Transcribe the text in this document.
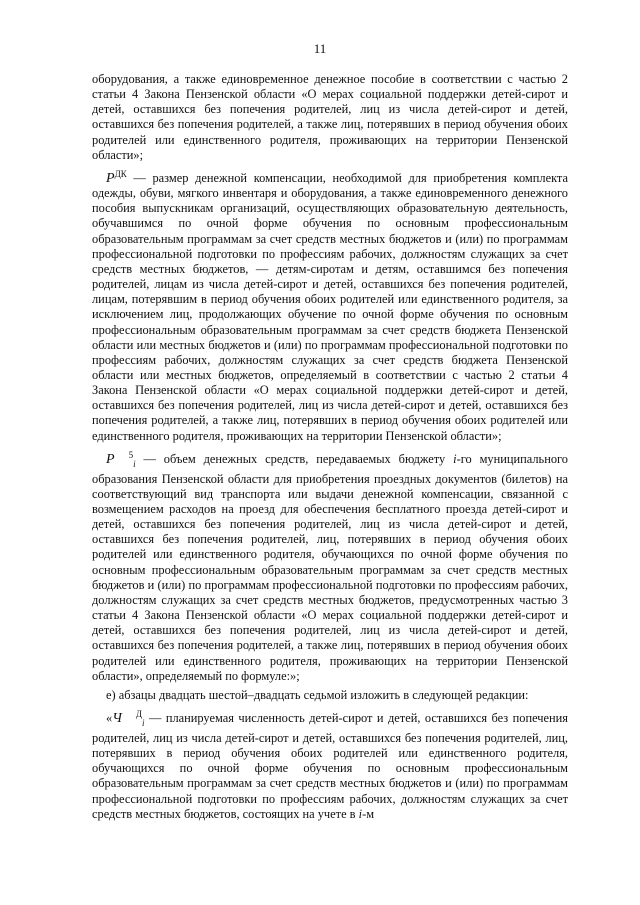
11

оборудования, а также единовременное денежное пособие в соответствии с частью 2 статьи 4 Закона Пензенской области «О мерах социальной поддержки детей-сирот и детей, оставшихся без попечения родителей, лиц из числа детей-сирот и детей, оставшихся без попечения родителей, а также лиц, потерявших в период обучения обоих родителей или единственного родителя, проживающих на территории Пензенской области»;

$P^{ДК}$ — размер денежной компенсации, необходимой для приобретения комплекта одежды, обуви, мягкого инвентаря и оборудования, а также единовременного денежного пособия выпускникам организаций, осуществляющих образовательную деятельность, обучавшимся по очной форме обучения по основным профессиональным образовательным программам за счет средств местных бюджетов и (или) по программам профессиональной подготовки по профессиям рабочих, должностям служащих за счет средств местных бюджетов, — детям-сиротам и детям, оставшимся без попечения родителей, лицам из числа детей-сирот и детей, оставшихся без попечения родителей, лицам, потерявшим в период обучения обоих родителей или единственного родителя, за исключением лиц, продолжающих обучение по очной форме обучения по основным профессиональным образовательным программам за счет средств бюджета Пензенской области или местных бюджетов и (или) по программам профессиональной подготовки по профессиям рабочих, должностям служащих за счет средств бюджета Пензенской области или местных бюджетов, определяемый в соответствии с частью 2 статьи 4 Закона Пензенской области «О мерах социальной поддержки детей-сирот и детей, оставшихся без попечения родителей, лиц из числа детей-сирот и детей, оставшихся без попечения родителей, а также лиц, потерявших в период обучения обоих родителей или единственного родителя, проживающих на территории Пензенской области»;

P $^5_i$ — объем денежных средств, передаваемых бюджету i-го муниципального образования Пензенской области для приобретения проездных документов (билетов) на соответствующий вид транспорта или выдачи денежной компенсации, связанной с возмещением расходов на проезд для обеспечения бесплатного проезда детей-сирот и детей, оставшихся без попечения родителей, лиц из числа детей-сирот и детей, оставшихся без попечения родителей, лиц, потерявших в период обучения обоих родителей или единственного родителя, обучающихся по очной форме обучения по основным профессиональным образовательным программам за счет средств местных бюджетов и (или) по программам профессиональной подготовки по профессиям рабочих, должностям служащих за счет средств местных бюджетов, предусмотренных частью 3 статьи 4 Закона Пензенской области «О мерах социальной поддержки детей-сирот и детей, оставшихся без попечения родителей, лиц из числа детей-сирот и детей, оставшихся без попечения родителей, а также лиц, потерявших в период обучения обоих родителей или единственного родителя, проживающих на территории Пензенской области», определяемый по формуле:»;

е) абзацы двадцать шестой–двадцать седьмой изложить в следующей редакции:

«Ч $^Д_i$ — планируемая численность детей-сирот и детей, оставшихся без попечения родителей, лиц из числа детей-сирот и детей, оставшихся без попечения родителей, лиц, потерявших в период обучения обоих родителей или единственного родителя, обучающихся по очной форме обучения по основным профессиональным образовательным программам за счет средств местных бюджетов и (или) по программам профессиональной подготовки по профессиям рабочих, должностям служащих за счет средств местных бюджетов, состоящих на учете в i-м
